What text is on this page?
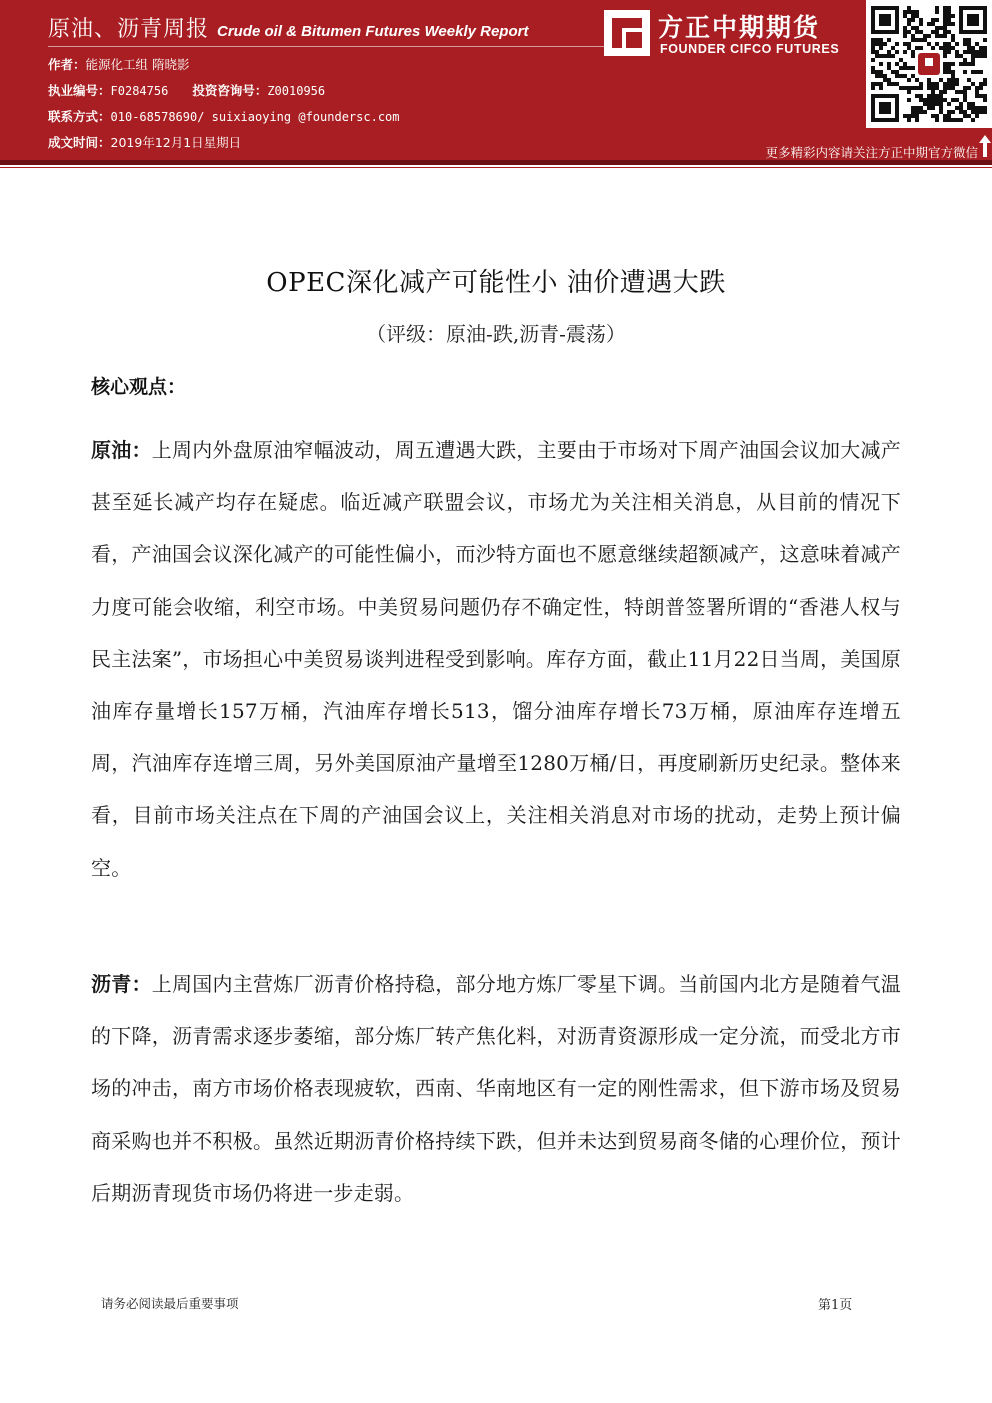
原油、沥青周报 Crude oil & Bitumen Futures Weekly Report
作者：能源化工组 隋晓影
执业编号：F0284756 投资咨询号：Z0010956
联系方式：010-68578690/ suixiaoying @foundersc.com
成文时间：2019年12月1日星期日
方正中期期货
FOUNDER CIFCO FUTURES
更多精彩内容请关注方正中期官方微信
OPEC深化减产可能性小 油价遭遇大跌
（评级：原油-跌,沥青-震荡）
核心观点：
原油：上周内外盘原油窄幅波动，周五遭遇大跌，主要由于市场对下周产油国会议加大减产甚至延长减产均存在疑虑。临近减产联盟会议，市场尤为关注相关消息，从目前的情况下看，产油国会议深化减产的可能性偏小，而沙特方面也不愿意继续超额减产，这意味着减产力度可能会收缩，利空市场。中美贸易问题仍存不确定性，特朗普签署所谓的“香港人权与民主法案”，市场担心中美贸易谈判进程受到影响。库存方面，截止11月22日当周，美国原油库存量增长157万桶，汽油库存增长513，馏分油库存增长73万桶，原油库存连增五周，汽油库存连增三周，另外美国原油产量增至1280万桶/日，再度刷新历史纪录。整体来看，目前市场关注点在下周的产油国会议上，关注相关消息对市场的扰动，走势上预计偏空。
沥青：上周国内主营炼厂沥青价格持稳，部分地方炼厂零星下调。当前国内北方是随着气温的下降，沥青需求逐步萎缩，部分炼厂转产焦化料，对沥青资源形成一定分流，而受北方市场的冲击，南方市场价格表现疲软，西南、华南地区有一定的刚性需求，但下游市场及贸易商采购也并不积极。虽然近期沥青价格持续下跌，但并未达到贸易商冬储的心理价位，预计后期沥青现货市场仍将进一步走弱。
请务必阅读最后重要事项	第1页
